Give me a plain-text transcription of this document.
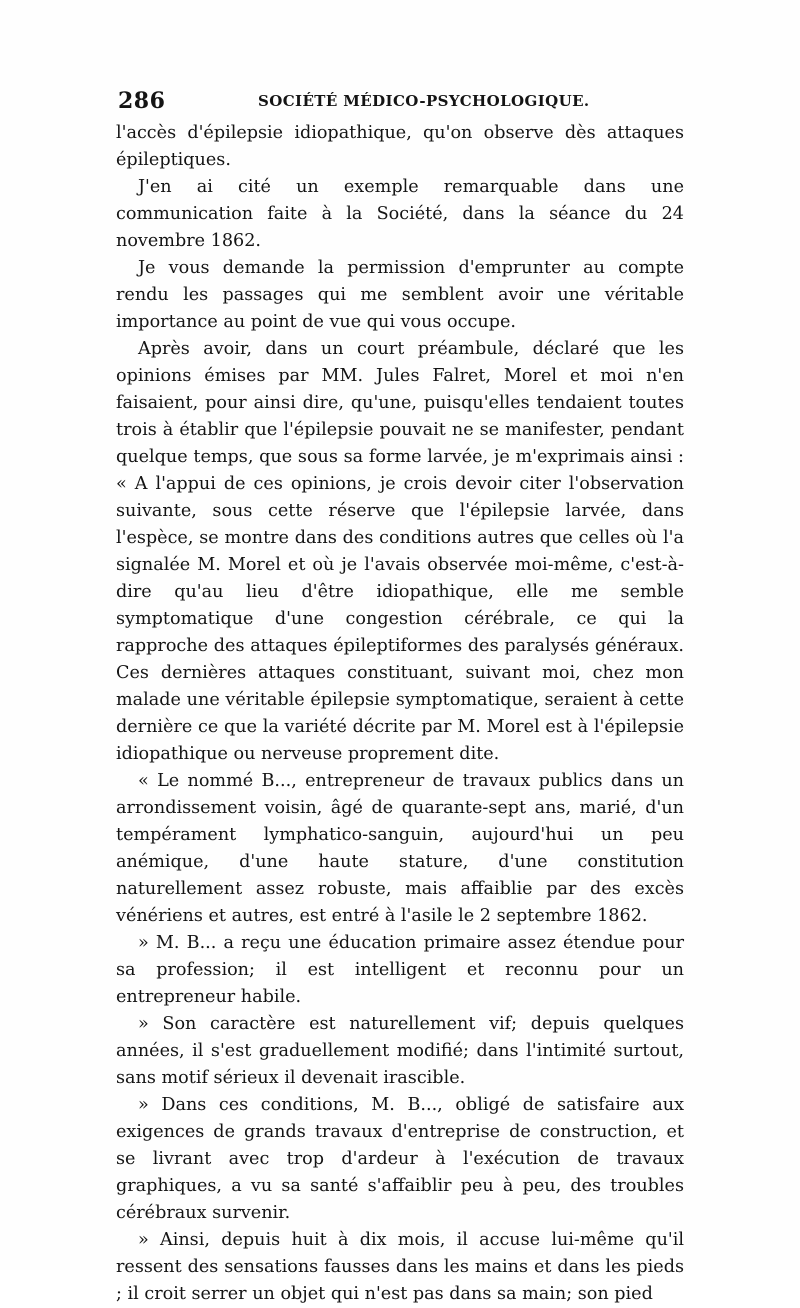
286	SOCIÉTÉ MÉDICO-PSYCHOLOGIQUE.

l'accès d'épilepsie idiopathique, qu'on observe dès attaques épileptiques.

J'en ai cité un exemple remarquable dans une communication faite à la Société, dans la séance du 24 novembre 1862.

Je vous demande la permission d'emprunter au compte rendu les passages qui me semblent avoir une véritable importance au point de vue qui vous occupe.

Après avoir, dans un court préambule, déclaré que les opinions émises par MM. Jules Falret, Morel et moi n'en faisaient, pour ainsi dire, qu'une, puisqu'elles tendaient toutes trois à établir que l'épilepsie pouvait ne se manifester, pendant quelque temps, que sous sa forme larvée, je m'exprimais ainsi : « A l'appui de ces opinions, je crois devoir citer l'observation suivante, sous cette réserve que l'épilepsie larvée, dans l'espèce, se montre dans des conditions autres que celles où l'a signalée M. Morel et où je l'avais observée moi-même, c'est-à-dire qu'au lieu d'être idiopathique, elle me semble symptomatique d'une congestion cérébrale, ce qui la rapproche des attaques épileptiformes des paralysés généraux. Ces dernières attaques constituant, suivant moi, chez mon malade une véritable épilepsie symptomatique, seraient à cette dernière ce que la variété décrite par M. Morel est à l'épilepsie idiopathique ou nerveuse proprement dite.

« Le nommé B..., entrepreneur de travaux publics dans un arrondissement voisin, âgé de quarante-sept ans, marié, d'un tempérament lymphatico-sanguin, aujourd'hui un peu anémique, d'une haute stature, d'une constitution naturellement assez robuste, mais affaiblie par des excès vénériens et autres, est entré à l'asile le 2 septembre 1862.

» M. B... a reçu une éducation primaire assez étendue pour sa profession; il est intelligent et reconnu pour un entrepreneur habile.

» Son caractère est naturellement vif; depuis quelques années, il s'est graduellement modifié; dans l'intimité surtout, sans motif sérieux il devenait irascible.

» Dans ces conditions, M. B..., obligé de satisfaire aux exigences de grands travaux d'entreprise de construction, et se livrant avec trop d'ardeur à l'exécution de travaux graphiques, a vu sa santé s'affaiblir peu à peu, des troubles cérébraux survenir.

» Ainsi, depuis huit à dix mois, il accuse lui-même qu'il ressent des sensations fausses dans les mains et dans les pieds ; il croit serrer un objet qui n'est pas dans sa main; son pied
